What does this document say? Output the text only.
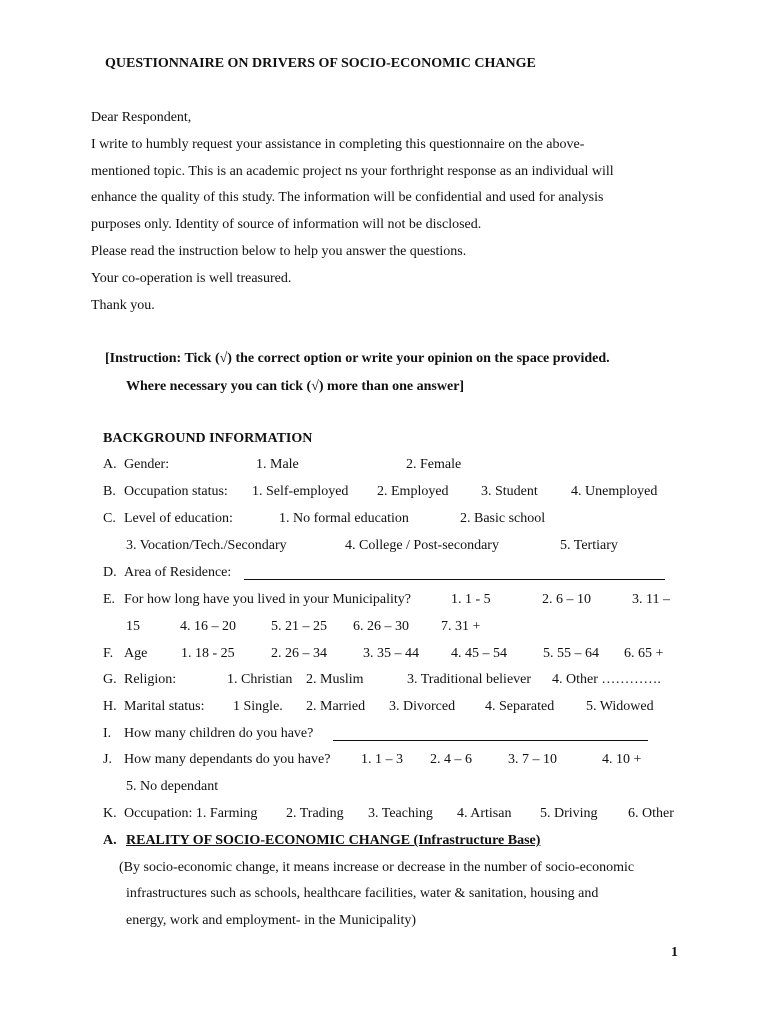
QUESTIONNAIRE ON DRIVERS OF SOCIO-ECONOMIC CHANGE
Dear Respondent,
I write to humbly request your assistance in completing this questionnaire on the above-
mentioned topic. This is an academic project ns your forthright response as an individual will
enhance the quality of this study. The information will be confidential and used for analysis
purposes only. Identity of source of information will not be disclosed.
Please read the instruction below to help you answer the questions.
Your co-operation is well treasured.
Thank you.
[Instruction: Tick (√) the correct option or write your opinion on the space provided.
Where necessary you can tick (√) more than one answer]
BACKGROUND INFORMATION
A. Gender:	1. Male	2. Female
B. Occupation status: 1. Self-employed 2. Employed 3. Student 4. Unemployed
C. Level of education:	1. No formal education	2. Basic school
3. Vocation/Tech./Secondary	4. College / Post-secondary	5. Tertiary
D. Area of Residence:
E. For how long have you lived in your Municipality?	1. 1 - 5	2. 6 – 10	3. 11 –
15	4. 16 – 20	5. 21 – 25 6. 26 – 30 7. 31 +
F. Age 1. 18 - 25	2. 26 – 34	3. 35 – 44 4. 45 – 54	5. 55 – 64 6. 65 +
G. Religion:	1. Christian 2. Muslim	3. Traditional believer 4. Other ………….
H. Marital status: 1 Single. 2. Married 3. Divorced 4. Separated 5. Widowed
I. How many children do you have?
J. How many dependants do you have? 1. 1 – 3 2. 4 – 6	3. 7 – 10	4. 10 +
5. No dependant
K. Occupation: 1. Farming 2. Trading 3. Teaching 4. Artisan 5. Driving 6. Other
A. REALITY OF SOCIO-ECONOMIC CHANGE (Infrastructure Base)
(By socio-economic change, it means increase or decrease in the number of socio-economic
infrastructures such as schools, healthcare facilities, water & sanitation, housing and
energy, work and employment- in the Municipality)
1
